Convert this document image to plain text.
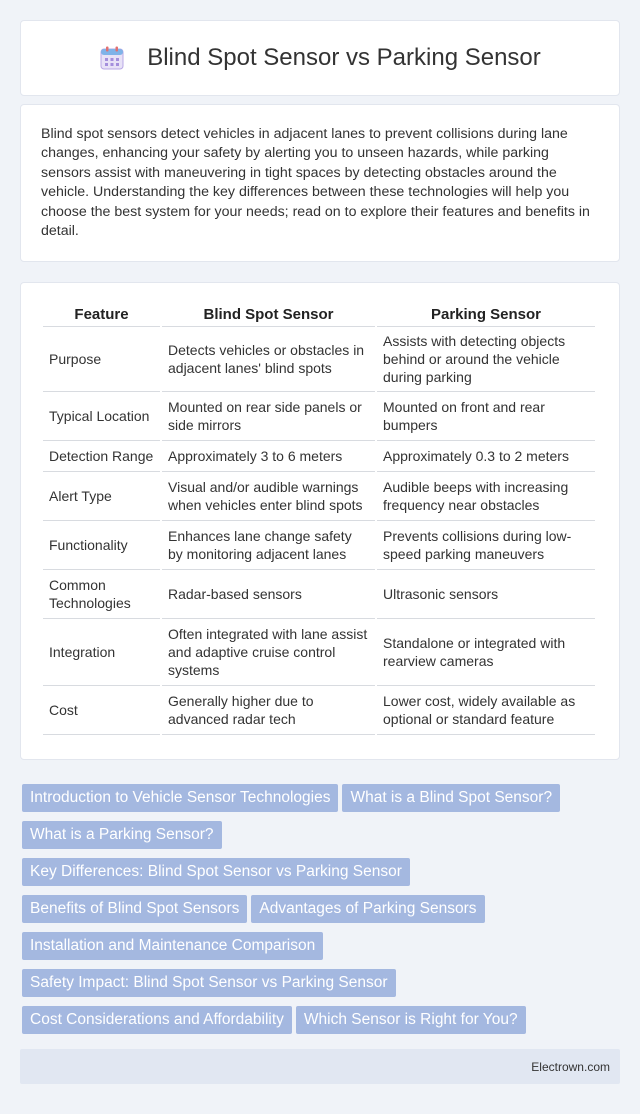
Blind Spot Sensor vs Parking Sensor

Blind spot sensors detect vehicles in adjacent lanes to prevent collisions during lane changes, enhancing your safety by alerting you to unseen hazards, while parking sensors assist with maneuvering in tight spaces by detecting obstacles around the vehicle. Understanding the key differences between these technologies will help you choose the best system for your needs; read on to explore their features and benefits in detail.

Feature	Blind Spot Sensor	Parking Sensor
Purpose	Detects vehicles or obstacles in adjacent lanes' blind spots	Assists with detecting objects behind or around the vehicle during parking
Typical Location	Mounted on rear side panels or side mirrors	Mounted on front and rear bumpers
Detection Range	Approximately 3 to 6 meters	Approximately 0.3 to 2 meters
Alert Type	Visual and/or audible warnings when vehicles enter blind spots	Audible beeps with increasing frequency near obstacles
Functionality	Enhances lane change safety by monitoring adjacent lanes	Prevents collisions during low-speed parking maneuvers
Common Technologies	Radar-based sensors	Ultrasonic sensors
Integration	Often integrated with lane assist and adaptive cruise control systems	Standalone or integrated with rearview cameras
Cost	Generally higher due to advanced radar tech	Lower cost, widely available as optional or standard feature
Introduction to Vehicle Sensor Technologies What is a Blind Spot Sensor? What is a Parking Sensor? Key Differences: Blind Spot Sensor vs Parking Sensor Benefits of Blind Spot Sensors Advantages of Parking Sensors Installation and Maintenance Comparison Safety Impact: Blind Spot Sensor vs Parking Sensor Cost Considerations and Affordability Which Sensor is Right for You?
Electrown.com
